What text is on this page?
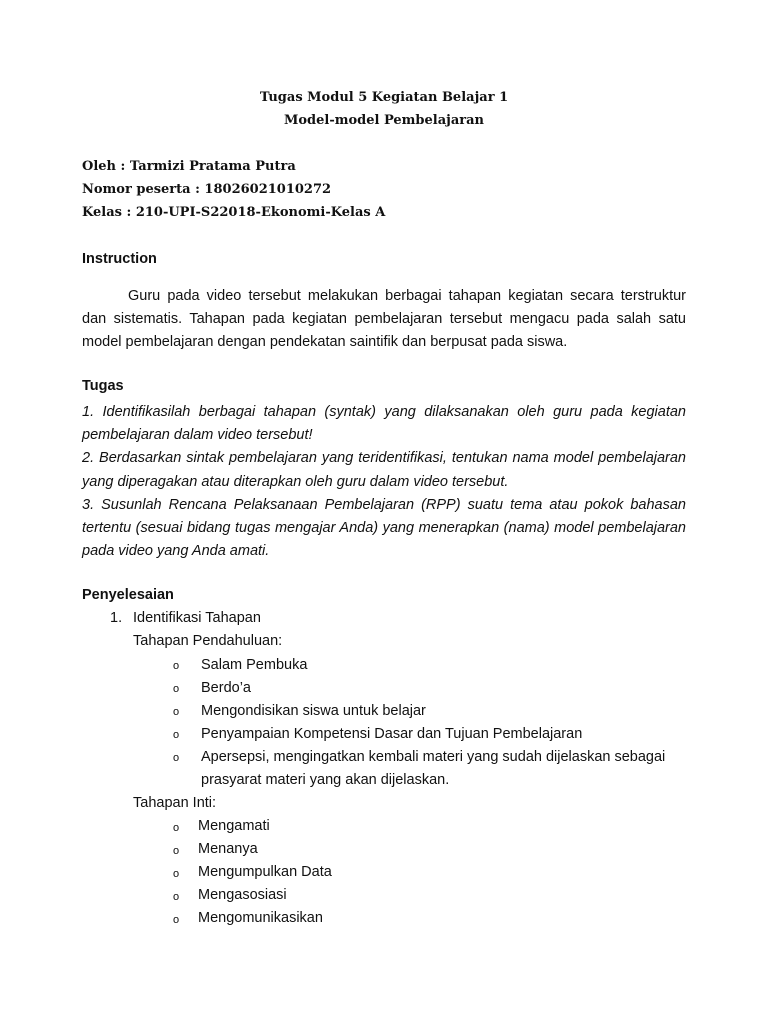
Tugas Modul 5 Kegiatan Belajar 1
Model-model Pembelajaran
Oleh : Tarmizi Pratama Putra
Nomor peserta : 18026021010272
Kelas : 210-UPI-S22018-Ekonomi-Kelas A
Instruction
Guru pada video tersebut melakukan berbagai tahapan kegiatan secara terstruktur dan sistematis. Tahapan pada kegiatan pembelajaran tersebut mengacu pada salah satu model pembelajaran dengan pendekatan saintifik dan berpusat pada siswa.
Tugas

1. Identifikasilah berbagai tahapan (syntak) yang dilaksanakan oleh guru pada kegiatan pembelajaran dalam video tersebut!

2. Berdasarkan sintak pembelajaran yang teridentifikasi, tentukan nama model pembelajaran yang diperagakan atau diterapkan oleh guru dalam video tersebut.

3. Susunlah Rencana Pelaksanaan Pembelajaran (RPP) suatu tema atau pokok bahasan tertentu (sesuai bidang tugas mengajar Anda) yang menerapkan (nama) model pembelajaran pada video yang Anda amati.

Penyelesaian
1. Identifikasi Tahapan
Tahapan Pendahuluan:
o Salam Pembuka
o Berdo’a
o Mengondisikan siswa untuk belajar
o Penyampaian Kompetensi Dasar dan Tujuan Pembelajaran
o Apersepsi, mengingatkan kembali materi yang sudah dijelaskan sebagai
prasyarat materi yang akan dijelaskan.
Tahapan Inti:
o Mengamati
o Menanya
o Mengumpulkan Data
o Mengasosiasi
o Mengomunikasikan
